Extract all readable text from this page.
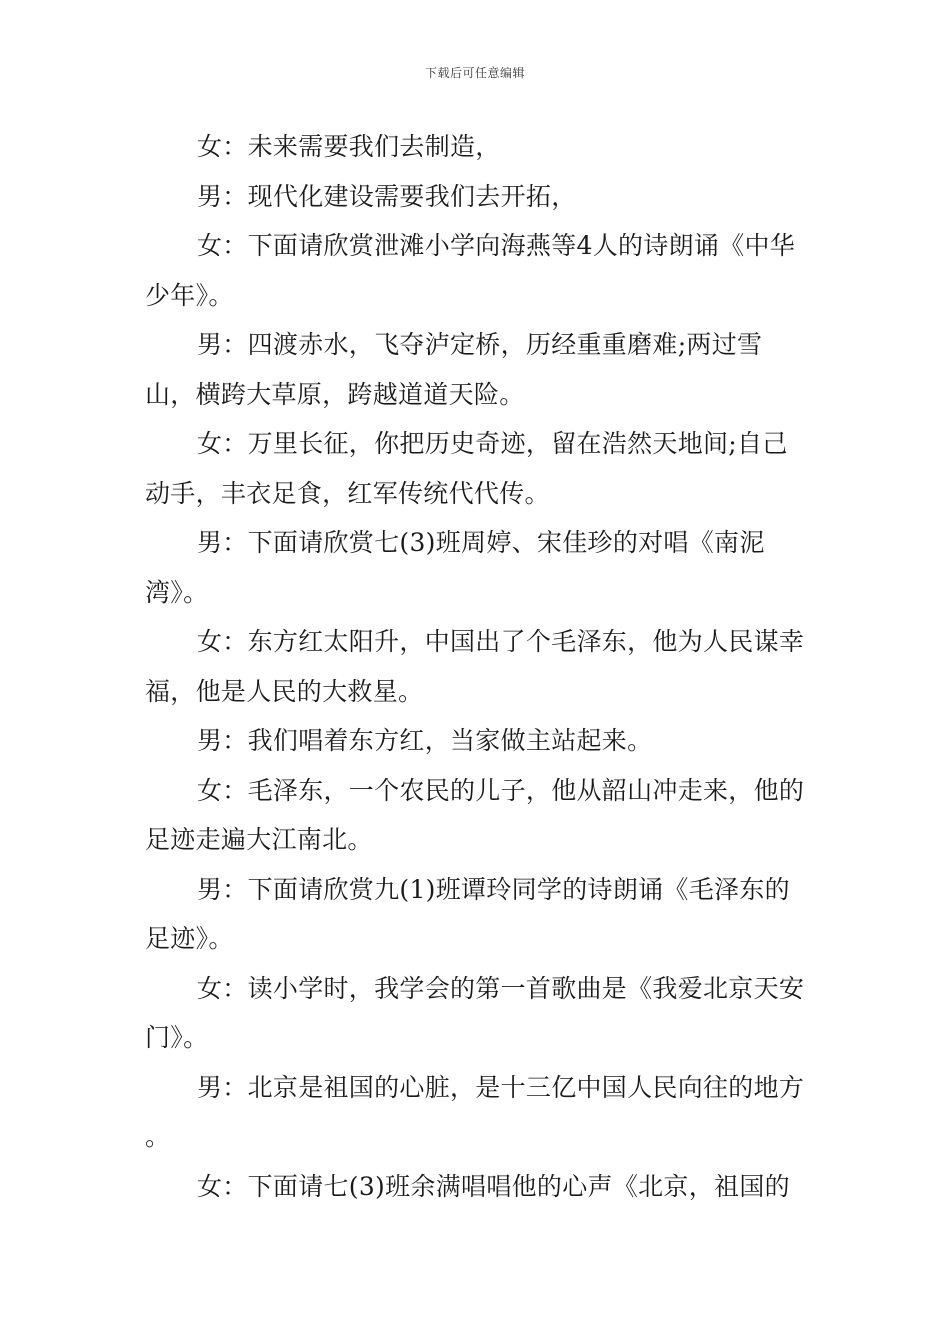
下载后可任意编辑

女：未来需要我们去制造，

男：现代化建设需要我们去开拓，

女：下面请欣赏泄滩小学向海燕等4人的诗朗诵《中华少年》。

男：四渡赤水，飞夺泸定桥，历经重重磨难;两过雪山，横跨大草原，跨越道道天险。

女：万里长征，你把历史奇迹，留在浩然天地间;自己动手，丰衣足食，红军传统代代传。

男：下面请欣赏七(3)班周婷、宋佳珍的对唱《南泥湾》。

女：东方红太阳升，中国出了个毛泽东，他为人民谋幸福，他是人民的大救星。

男：我们唱着东方红，当家做主站起来。

女：毛泽东，一个农民的儿子，他从韶山冲走来，他的足迹走遍大江南北。

男：下面请欣赏九(1)班谭玲同学的诗朗诵《毛泽东的足迹》。

女：读小学时，我学会的第一首歌曲是《我爱北京天安门》。

男：北京是祖国的心脏，是十三亿中国人民向往的地方 。

女：下面请七(3)班余满唱唱他的心声《北京，祖国的
